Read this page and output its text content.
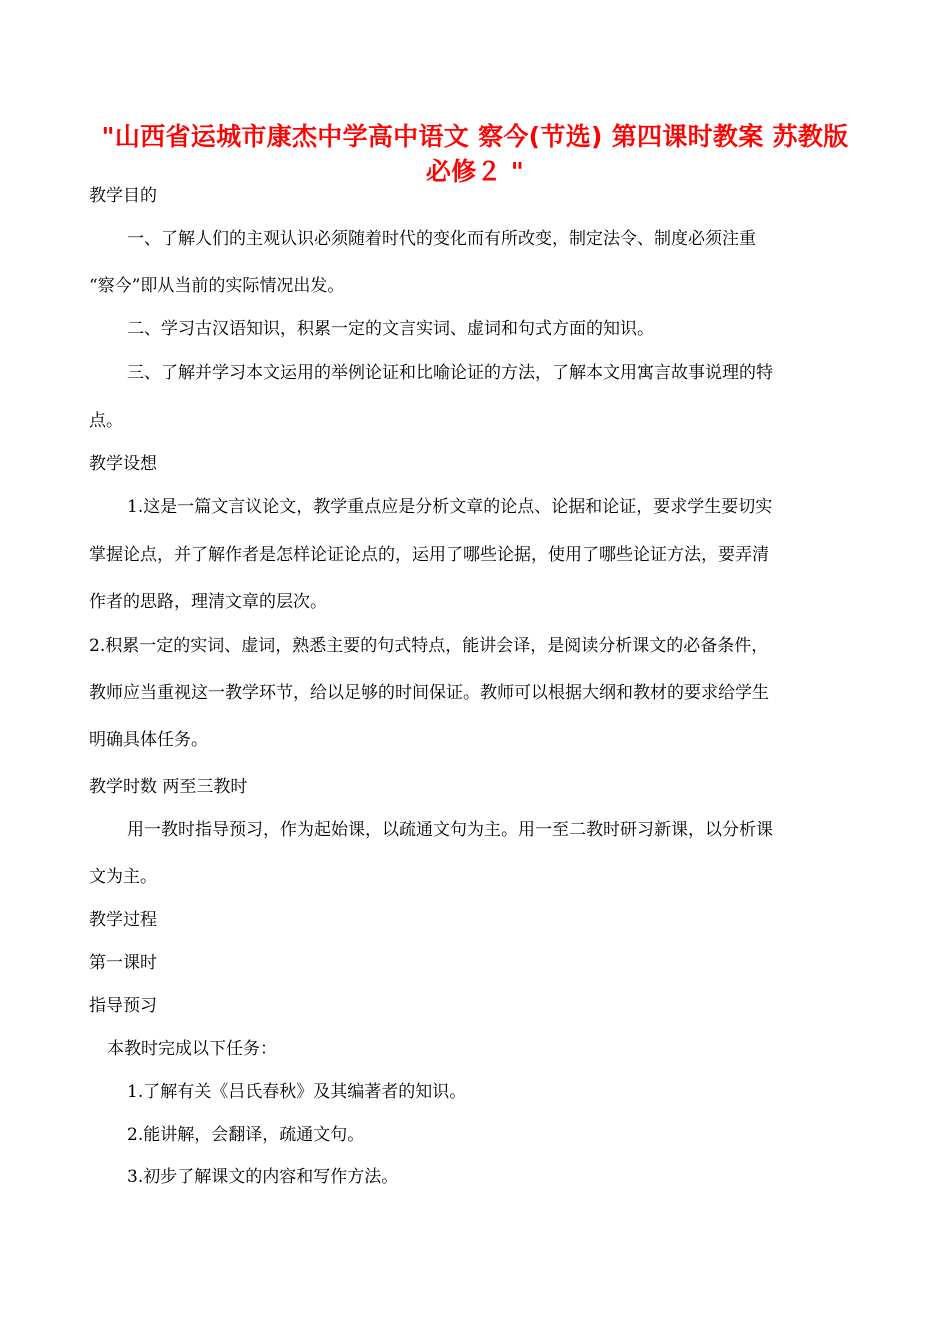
"山西省运城市康杰中学高中语文 察今(节选) 第四课时教案 苏教版
必修２ "
教学目的
一、了解人们的主观认识必须随着时代的变化而有所改变，制定法令、制度必须注重
“察今”即从当前的实际情况出发。
二、学习古汉语知识，积累一定的文言实词、虚词和句式方面的知识。
三、了解并学习本文运用的举例论证和比喻论证的方法，了解本文用寓言故事说理的特
点。
教学设想
1.这是一篇文言议论文，教学重点应是分析文章的论点、论据和论证，要求学生要切实
掌握论点，并了解作者是怎样论证论点的，运用了哪些论据，使用了哪些论证方法，要弄清
作者的思路，理清文章的层次。
2.积累一定的实词、虚词，熟悉主要的句式特点，能讲会译，是阅读分析课文的必备条件，
教师应当重视这一教学环节，给以足够的时间保证。教师可以根据大纲和教材的要求给学生
明确具体任务。
教学时数 两至三教时
用一教时指导预习，作为起始课，以疏通文句为主。用一至二教时研习新课，以分析课
文为主。
教学过程
第一课时
指导预习
本教时完成以下任务：
1.了解有关《吕氏春秋》及其编著者的知识。
2.能讲解，会翻译，疏通文句。
3.初步了解课文的内容和写作方法。
